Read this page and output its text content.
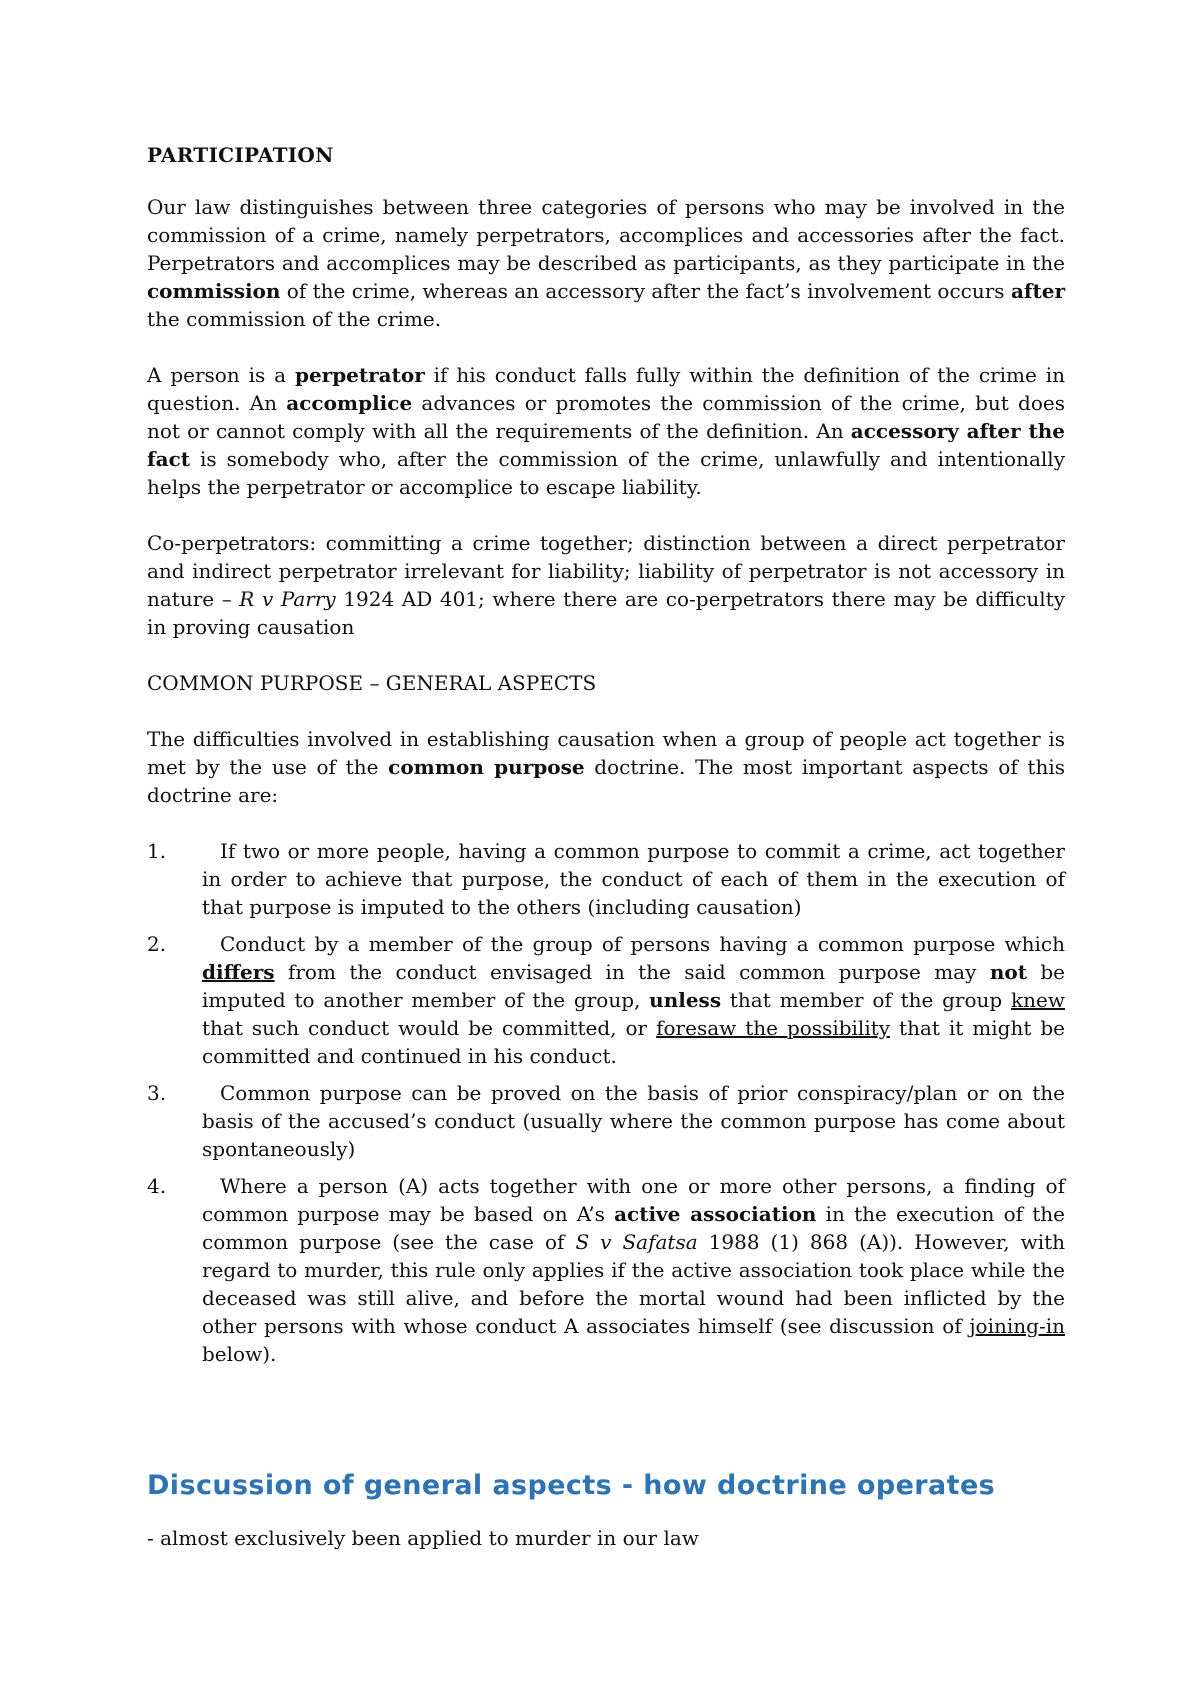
PARTICIPATION

Our law distinguishes between three categories of persons who may be involved in the commission of a crime, namely perpetrators, accomplices and accessories after the fact. Perpetrators and accomplices may be described as participants, as they participate in the commission of the crime, whereas an accessory after the fact’s involvement occurs after the commission of the crime.

A person is a perpetrator if his conduct falls fully within the definition of the crime in question. An accomplice advances or promotes the commission of the crime, but does not or cannot comply with all the requirements of the definition. An accessory after the fact is somebody who, after the commission of the crime, unlawfully and intentionally helps the perpetrator or accomplice to escape liability.

Co-perpetrators: committing a crime together; distinction between a direct perpetrator and indirect perpetrator irrelevant for liability; liability of perpetrator is not accessory in nature – R v Parry 1924 AD 401; where there are co-perpetrators there may be difficulty in proving causation

COMMON PURPOSE – GENERAL ASPECTS

The difficulties involved in establishing causation when a group of people act together is met by the use of the common purpose doctrine. The most important aspects of this doctrine are:

1.	If two or more people, having a common purpose to commit a crime, act together in order to achieve that purpose, the conduct of each of them in the execution of that purpose is imputed to the others (including causation)
2.	Conduct by a member of the group of persons having a common purpose which differs from the conduct envisaged in the said common purpose may not be imputed to another member of the group, unless that member of the group knew that such conduct would be committed, or foresaw the possibility that it might be committed and continued in his conduct.
3.	Common purpose can be proved on the basis of prior conspiracy/plan or on the basis of the accused’s conduct (usually where the common purpose has come about spontaneously)
4.	Where a person (A) acts together with one or more other persons, a finding of common purpose may be based on A’s active association in the execution of the common purpose (see the case of S v Safatsa 1988 (1) 868 (A)). However, with regard to murder, this rule only applies if the active association took place while the deceased was still alive, and before the mortal wound had been inflicted by the other persons with whose conduct A associates himself (see discussion of joining-in below).
Discussion of general aspects - how doctrine operates

- almost exclusively been applied to murder in our law
